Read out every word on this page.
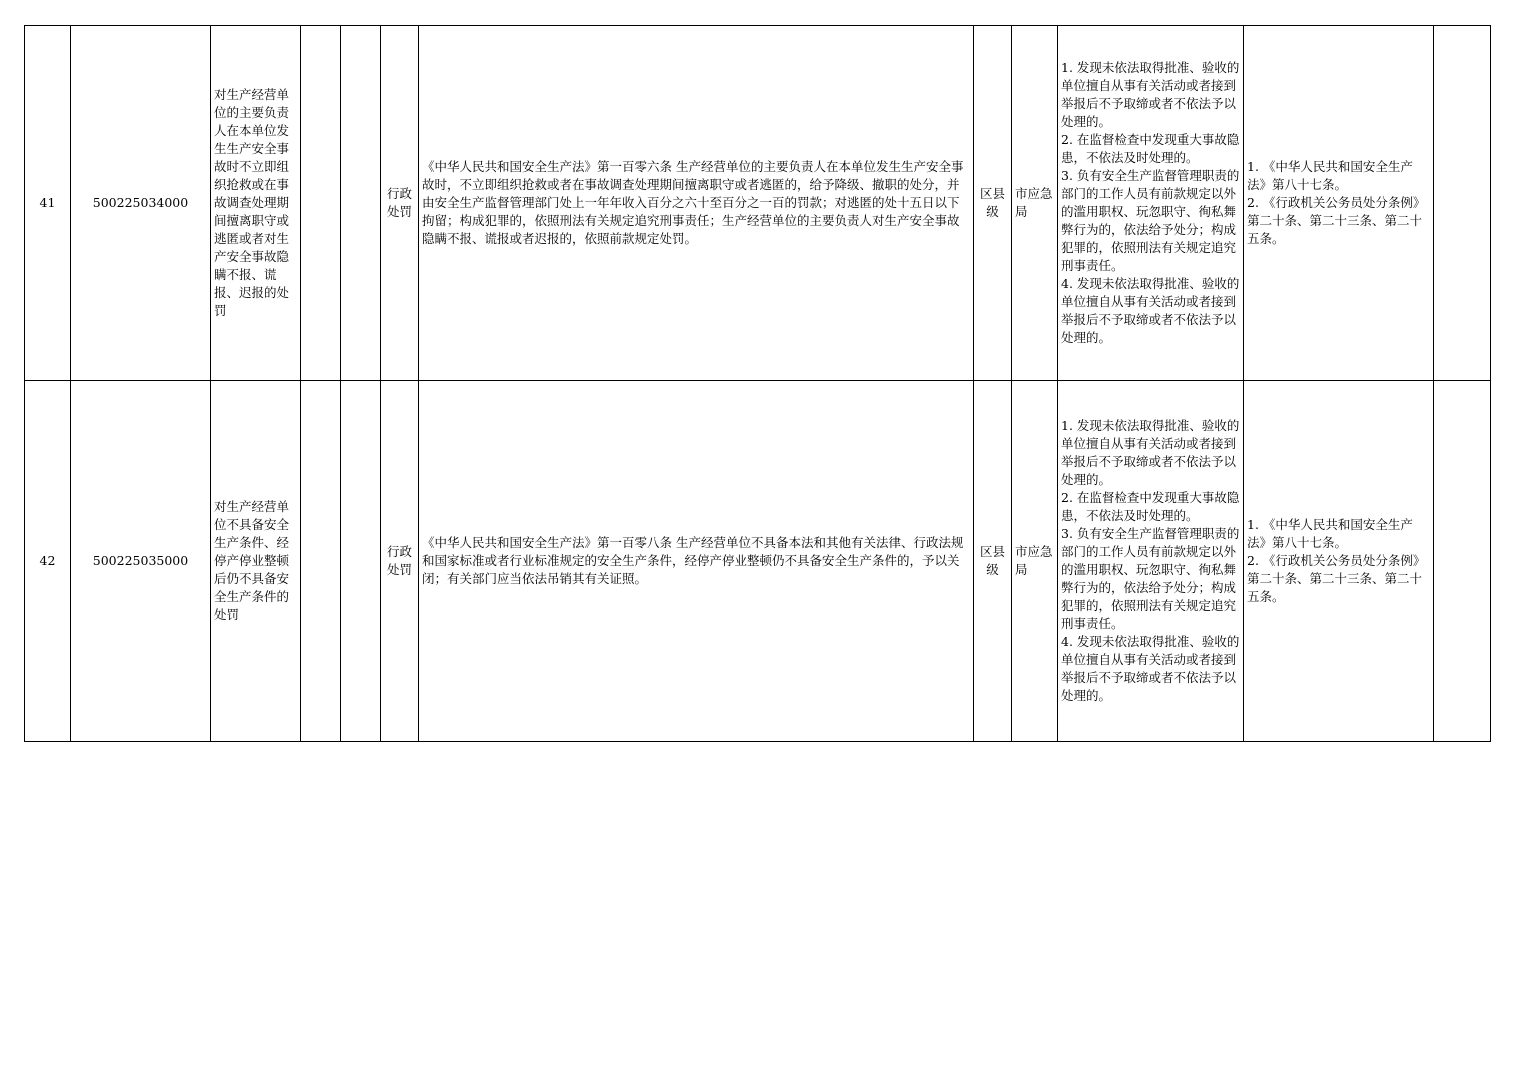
41	500225034000	对生产经营单位的主要负责人在本单位发生生产安全事故时不立即组织抢救或在事故调查处理期间擅离职守或逃匿或者对生产安全事故隐瞒不报、谎报、迟报的处罚			行政处罚	《中华人民共和国安全生产法》第一百零六条 生产经营单位的主要负责人在本单位发生生产安全事故时，不立即组织抢救或者在事故调查处理期间擅离职守或者逃匿的，给予降级、撤职的处分，并由安全生产监督管理部门处上一年年收入百分之六十至百分之一百的罚款；对逃匿的处十五日以下拘留；构成犯罪的，依照刑法有关规定追究刑事责任；生产经营单位的主要负责人对生产安全事故隐瞒不报、谎报或者迟报的，依照前款规定处罚。	区县级	市应急局	1. 发现未依法取得批准、验收的单位擅自从事有关活动或者接到举报后不予取缔或者不依法予以处理的。
2. 在监督检查中发现重大事故隐患，不依法及时处理的。
3. 负有安全生产监督管理职责的部门的工作人员有前款规定以外的滥用职权、玩忽职守、徇私舞弊行为的，依法给予处分；构成犯罪的，依照刑法有关规定追究刑事责任。
4. 发现未依法取得批准、验收的单位擅自从事有关活动或者接到举报后不予取缔或者不依法予以处理的。	1. 《中华人民共和国安全生产法》第八十七条。
2. 《行政机关公务员处分条例》第二十条、第二十三条、第二十五条。	
42	500225035000	对生产经营单位不具备安全生产条件、经停产停业整顿后仍不具备安全生产条件的处罚			行政处罚	《中华人民共和国安全生产法》第一百零八条 生产经营单位不具备本法和其他有关法律、行政法规和国家标准或者行业标准规定的安全生产条件，经停产停业整顿仍不具备安全生产条件的，予以关闭；有关部门应当依法吊销其有关证照。	区县级	市应急局	1. 发现未依法取得批准、验收的单位擅自从事有关活动或者接到举报后不予取缔或者不依法予以处理的。
2. 在监督检查中发现重大事故隐患，不依法及时处理的。
3. 负有安全生产监督管理职责的部门的工作人员有前款规定以外的滥用职权、玩忽职守、徇私舞弊行为的，依法给予处分；构成犯罪的，依照刑法有关规定追究刑事责任。
4. 发现未依法取得批准、验收的单位擅自从事有关活动或者接到举报后不予取缔或者不依法予以处理的。	1. 《中华人民共和国安全生产法》第八十七条。
2. 《行政机关公务员处分条例》第二十条、第二十三条、第二十五条。	
